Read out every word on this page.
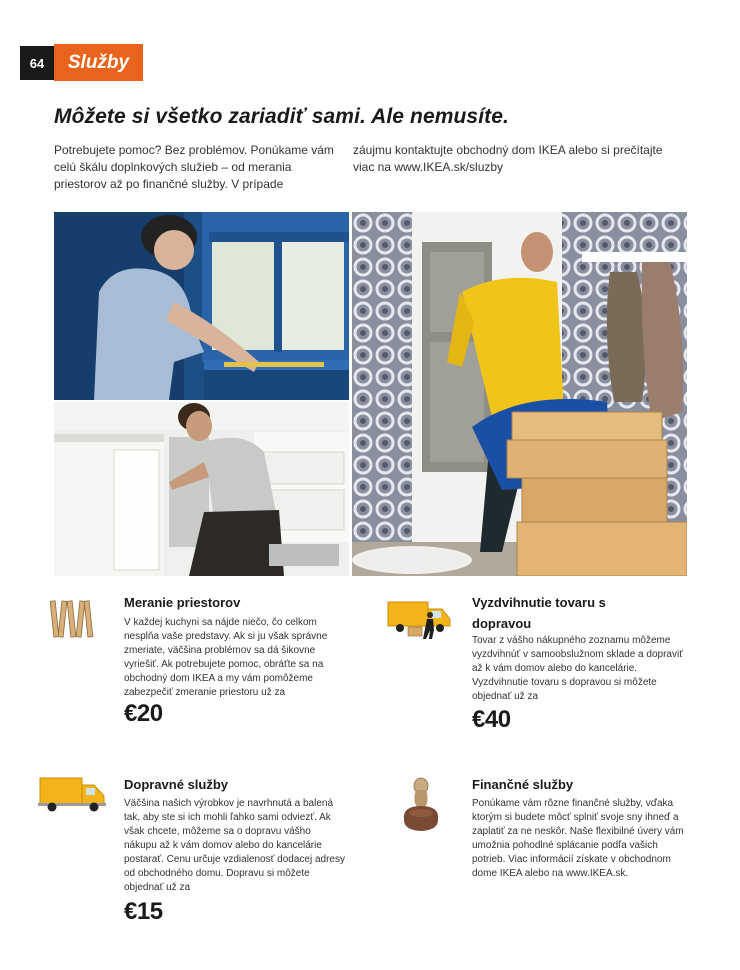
64	Služby
Môžete si všetko zariadiť sami. Ale nemusíte.

Potrebujete pomoc? Bez problémov. Ponúkame vám celú škálu doplnkových služieb – od merania priestorov až po finančné služby. V prípade

záujmu kontaktujte obchodný dom IKEA alebo si prečítajte viac na www.IKEA.sk/sluzby

Meranie priestorov

V každej kuchyni sa nájde niečo, čo celkom nesplňa vaše predstavy. Ak si ju však správne zmeriate, väčšina problémov sa dá šikovne vyriešiť. Ak potrebujete pomoc, obráťte sa na obchodný dom IKEA a my vám pomôžeme zabezpečiť zmeranie priestoru už za

€20
Vyzdvihnutie tovaru s dopravou

Tovar z vášho nákupného zoznamu môžeme vyzdvihnúť v samoobslužnom sklade a dopraviť až k vám domov alebo do kancelárie. Vyzdvihnutie tovaru s dopravou si môžete objednať už za

€40
Dopravné služby

Väčšina našich výrobkov je navrhnutá a balená tak, aby ste si ich mohli ľahko sami odviezť. Ak však chcete, môžeme sa o dopravu vášho nákupu až k vám domov alebo do kancelárie postarať. Cenu určuje vzdialenosť dodacej adresy od obchodného domu. Dopravu si môžete objednať už za

€15
Finančné služby

Ponúkame vám rôzne finančné služby, vďaka ktorým si budete môcť splniť svoje sny ihneď a zaplatiť za ne neskôr. Naše flexibilné úvery vám umožnia pohodlné splácanie podľa vašich potrieb. Viac informácií získate v obchodnom dome IKEA alebo na www.IKEA.sk.
